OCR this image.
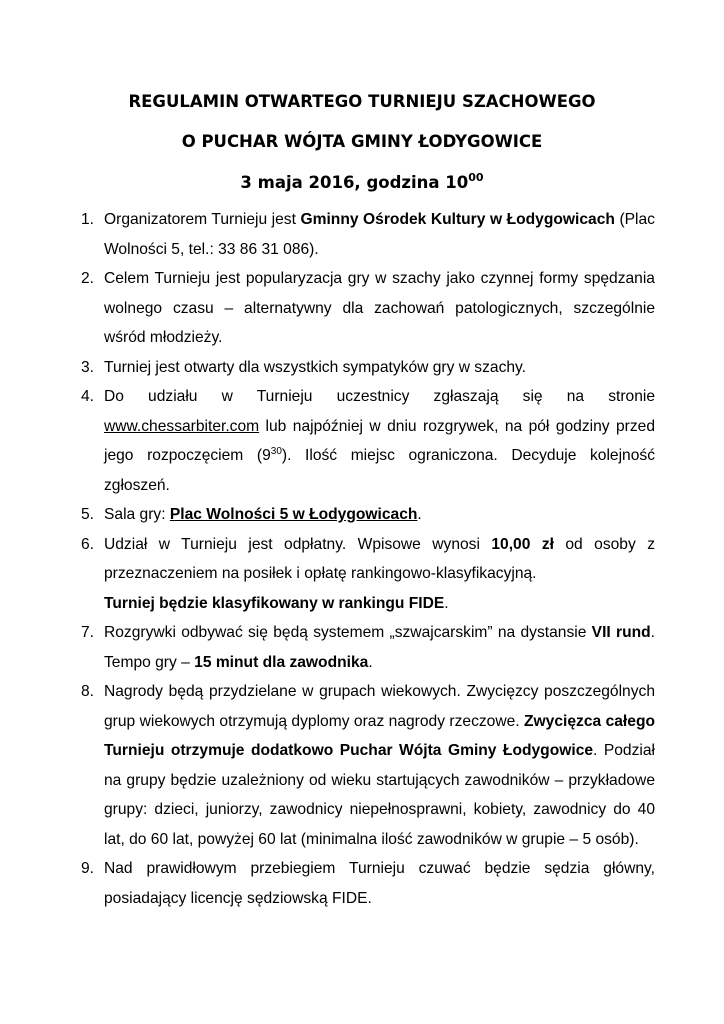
REGULAMIN OTWARTEGO TURNIEJU SZACHOWEGO
O PUCHAR WÓJTA GMINY ŁODYGOWICE
3 maja 2016, godzina $10^{00}$
1. Organizatorem Turnieju jest Gminny Ośrodek Kultury w Łodygowicach (Plac Wolności 5, tel.: 33 86 31 086).
2. Celem Turnieju jest popularyzacja gry w szachy jako czynnej formy spędzania wolnego czasu – alternatywny dla zachowań patologicznych, szczególnie wśród młodzieży.
3. Turniej jest otwarty dla wszystkich sympatyków gry w szachy.
4. Do udziału w Turnieju uczestnicy zgłaszają się na stronie www.chessarbiter.com lub najpóźniej w dniu rozgrywek, na pół godziny przed jego rozpoczęciem $(9^{30})$. Ilość miejsc ograniczona. Decyduje kolejność zgłoszeń.
5. Sala gry: Plac Wolności 5 w Łodygowicach.
6. Udział w Turnieju jest odpłatny. Wpisowe wynosi 10,00 zł od osoby z przeznaczeniem na posiłek i opłatę rankingowo-klasyfikacyjną.
Turniej będzie klasyfikowany w rankingu FIDE.
7. Rozgrywki odbywać się będą systemem „szwajcarskim” na dystansie VII rund. Tempo gry – 15 minut dla zawodnika.
8. Nagrody będą przydzielane w grupach wiekowych. Zwycięzcy poszczególnych grup wiekowych otrzymują dyplomy oraz nagrody rzeczowe. Zwycięzca całego Turnieju otrzymuje dodatkowo Puchar Wójta Gminy Łodygowice. Podział na grupy będzie uzależniony od wieku startujących zawodników – przykładowe grupy: dzieci, juniorzy, zawodnicy niepełnosprawni, kobiety, zawodnicy do 40 lat, do 60 lat, powyżej 60 lat (minimalna ilość zawodników w grupie – 5 osób).
9. Nad prawidłowym przebiegiem Turnieju czuwać będzie sędzia główny, posiadający licencję sędziowską FIDE.
